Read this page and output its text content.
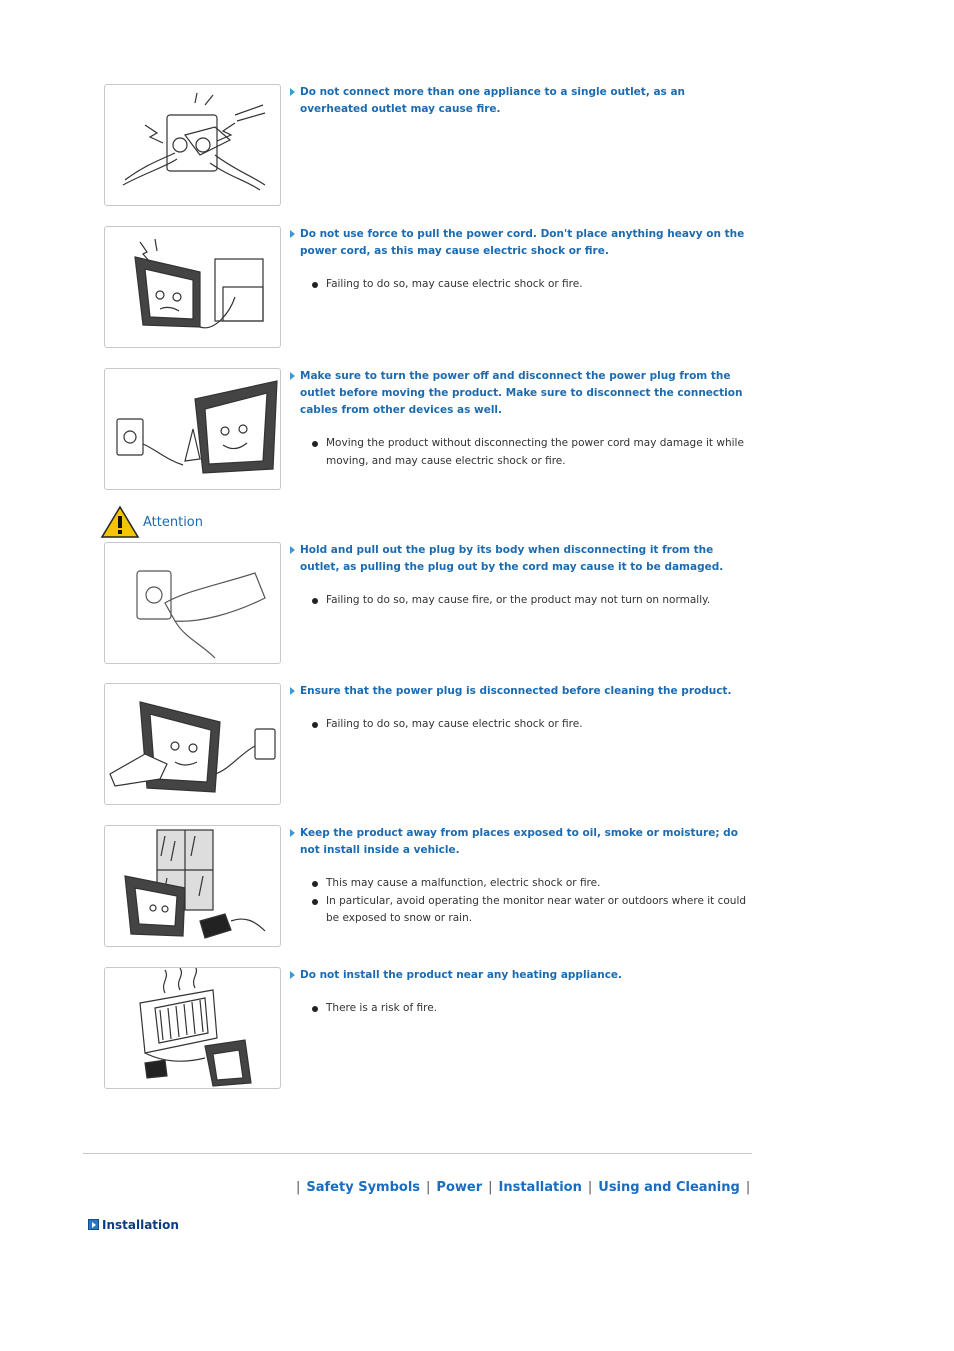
Do not connect more than one appliance to a single outlet, as an overheated outlet may cause fire.
Do not use force to pull the power cord. Don't place anything heavy on the power cord, as this may cause electric shock or fire.
Failing to do so, may cause electric shock or fire.
Make sure to turn the power off and disconnect the power plug from the outlet before moving the product. Make sure to disconnect the connection cables from other devices as well.
Moving the product without disconnecting the power cord may damage it while moving, and may cause electric shock or fire.
Attention
Hold and pull out the plug by its body when disconnecting it from the outlet, as pulling the plug out by the cord may cause it to be damaged.
Failing to do so, may cause fire, or the product may not turn on normally.
Ensure that the power plug is disconnected before cleaning the product.
Failing to do so, may cause electric shock or fire.
Keep the product away from places exposed to oil, smoke or moisture; do not install inside a vehicle.
This may cause a malfunction, electric shock or fire.
In particular, avoid operating the monitor near water or outdoors where it could be exposed to snow or rain.
Do not install the product near any heating appliance.
There is a risk of fire.
| Safety Symbols | Power | Installation | Using and Cleaning |
Installation
